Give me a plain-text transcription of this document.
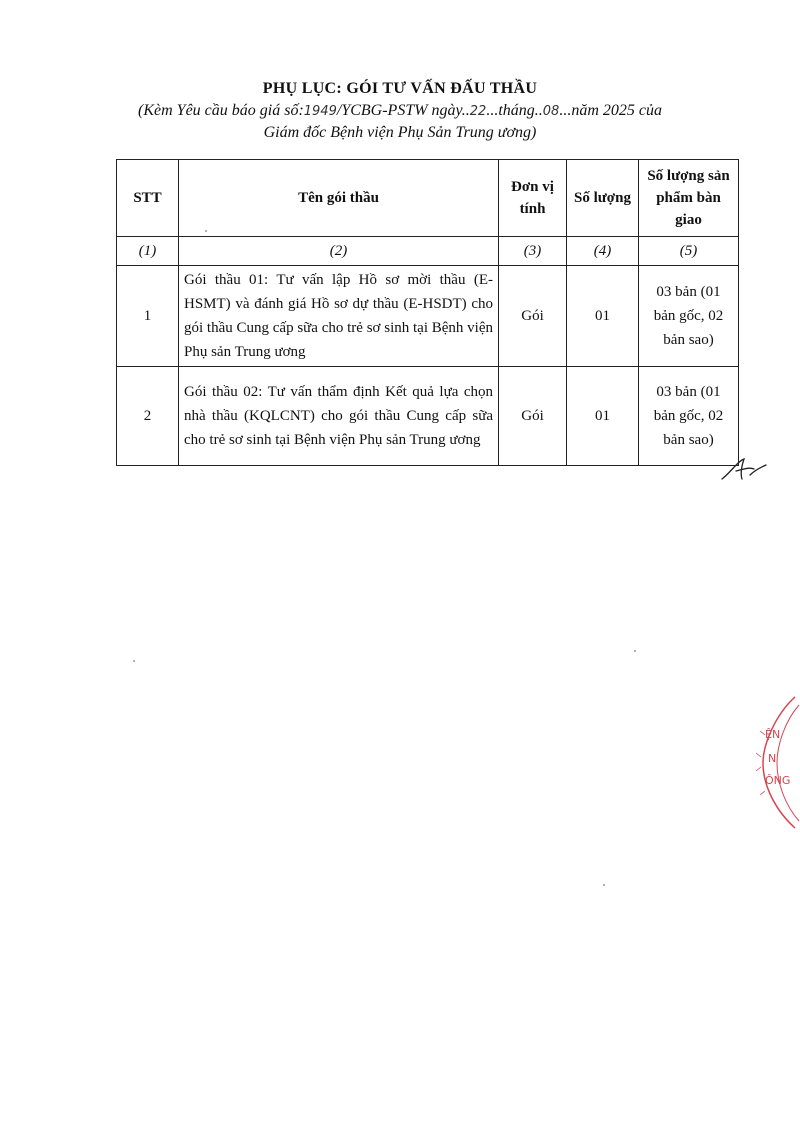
PHỤ LỤC: GÓI TƯ VẤN ĐẤU THẦU
(Kèm Yêu cầu báo giá số:1949/YCBG-PSTW ngày..22...tháng..08...năm 2025 của
Giám đốc Bệnh viện Phụ Sản Trung ương)
STT	Tên gói thầu	Đơn vị tính	Số lượng	Số lượng sản phẩm bàn giao
(1)	(2)	(3)	(4)	(5)
1	Gói thầu 01: Tư vấn lập Hồ sơ mời thầu (E-HSMT) và đánh giá Hồ sơ dự thầu (E-HSDT) cho gói thầu Cung cấp sữa cho trẻ sơ sinh tại Bệnh viện Phụ sản Trung ương	Gói	01	03 bản (01 bản gốc, 02 bản sao)
2	Gói thầu 02: Tư vấn thẩm định Kết quả lựa chọn nhà thầu (KQLCNT) cho gói thầu Cung cấp sữa cho trẻ sơ sinh tại Bệnh viện Phụ sản Trung ương	Gói	01	03 bản (01 bản gốc, 02 bản sao)
ỆN
N
ÔNG
